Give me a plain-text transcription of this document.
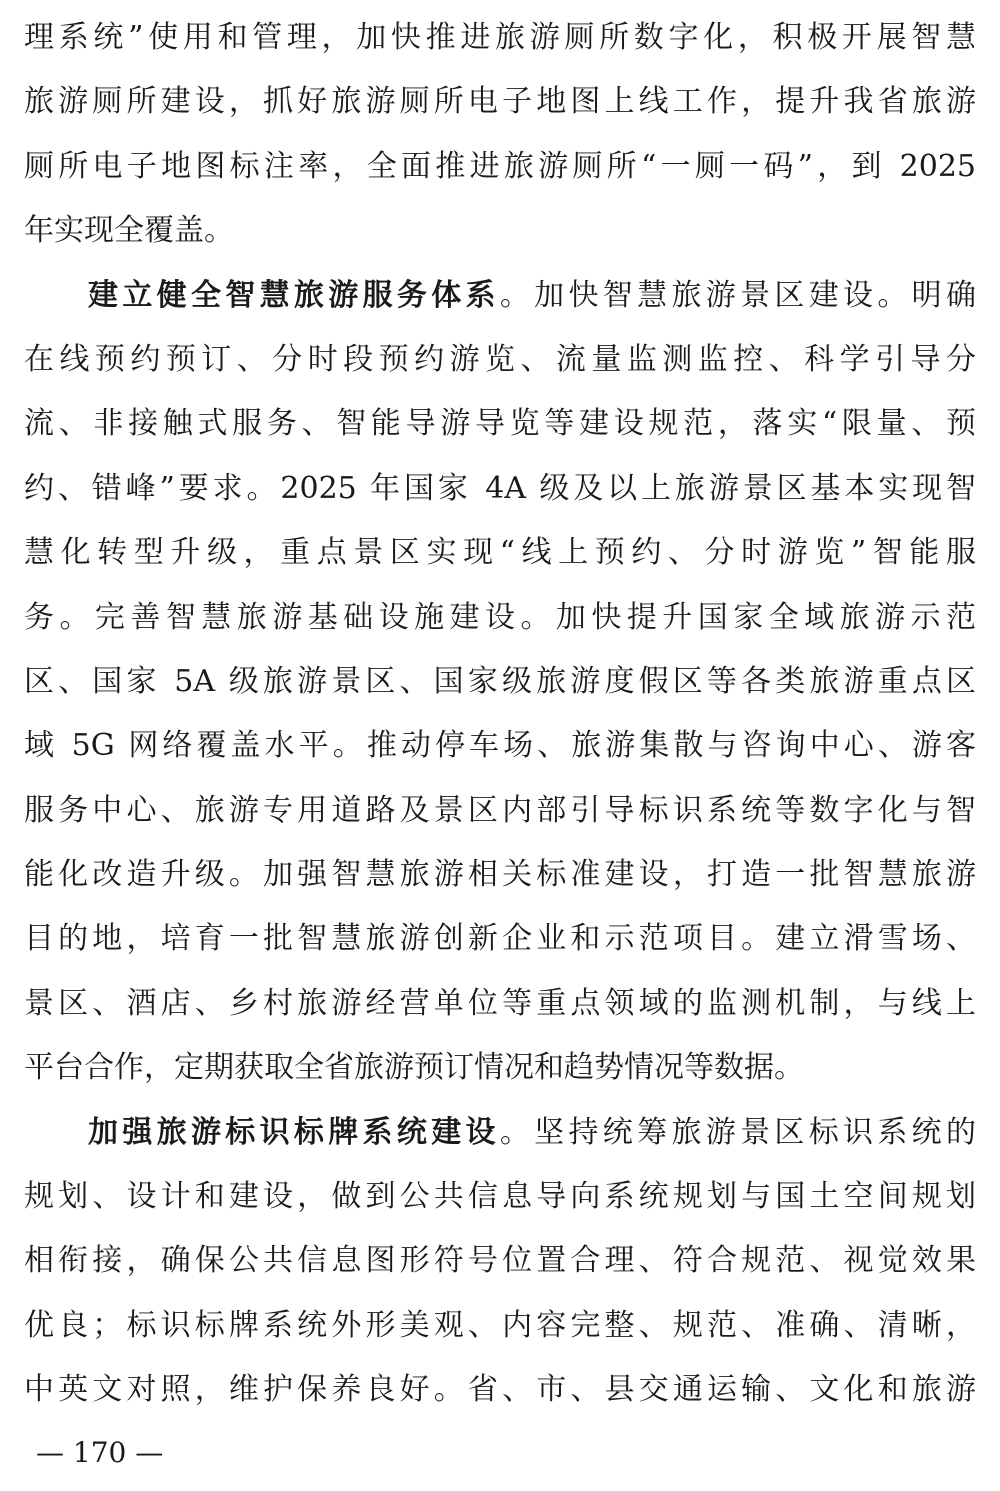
理系统”使用和管理，加快推进旅游厕所数字化，积极开展智慧
旅游厕所建设，抓好旅游厕所电子地图上线工作，提升我省旅游
厕所电子地图标注率，全面推进旅游厕所“一厕一码”，到 2025
年实现全覆盖。
建立健全智慧旅游服务体系。加快智慧旅游景区建设。明确
在线预约预订、分时段预约游览、流量监测监控、科学引导分
流、非接触式服务、智能导游导览等建设规范，落实“限量、预
约、错峰”要求。2025 年国家 4A 级及以上旅游景区基本实现智
慧化转型升级，重点景区实现“线上预约、分时游览”智能服
务。完善智慧旅游基础设施建设。加快提升国家全域旅游示范
区、国家 5A 级旅游景区、国家级旅游度假区等各类旅游重点区
域 5G 网络覆盖水平。推动停车场、旅游集散与咨询中心、游客
服务中心、旅游专用道路及景区内部引导标识系统等数字化与智
能化改造升级。加强智慧旅游相关标准建设，打造一批智慧旅游
目的地，培育一批智慧旅游创新企业和示范项目。建立滑雪场、
景区、酒店、乡村旅游经营单位等重点领域的监测机制，与线上
平台合作，定期获取全省旅游预订情况和趋势情况等数据。
加强旅游标识标牌系统建设。坚持统筹旅游景区标识系统的
规划、设计和建设，做到公共信息导向系统规划与国土空间规划
相衔接，确保公共信息图形符号位置合理、符合规范、视觉效果
优良；标识标牌系统外形美观、内容完整、规范、准确、清晰，
中英文对照，维护保养良好。省、市、县交通运输、文化和旅游
— 170 —
